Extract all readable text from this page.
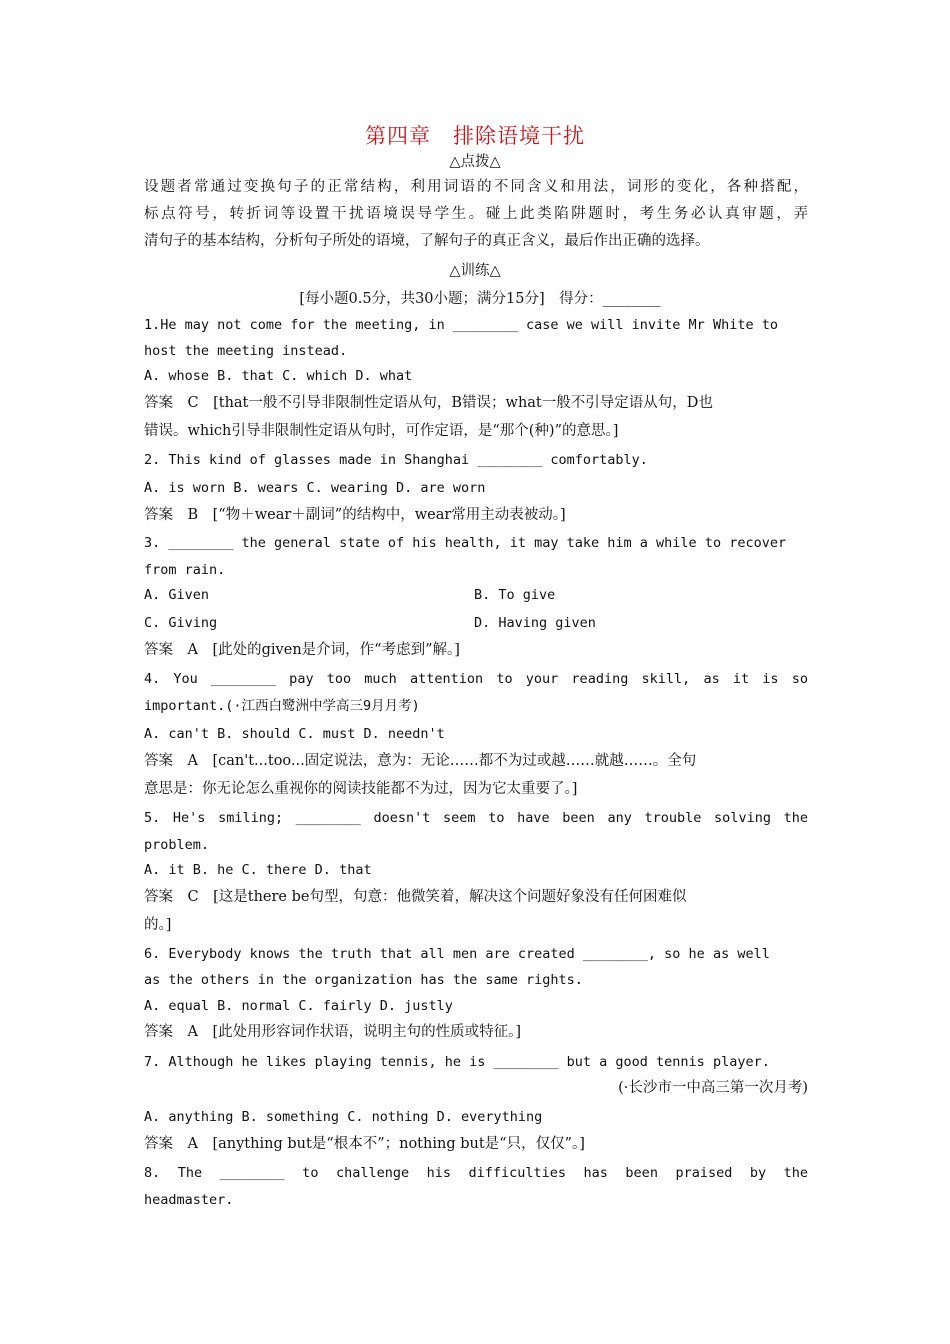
第四章　排除语境干扰
△点拨△
设题者常通过变换句子的正常结构，利用词语的不同含义和用法，词形的变化，各种搭配，
标点符号，转折词等设置干扰语境误导学生。碰上此类陷阱题时，考生务必认真审题，弄
清句子的基本结构，分析句子所处的语境，了解句子的真正含义，最后作出正确的选择。
△训练△
[每小题0.5分，共30小题；满分15分]　得分：________
1.He may not come for the meeting, in ________ case we will invite Mr White to
host the meeting instead.
A. whose B. that C. which D. what
答案　C　[that一般不引导非限制性定语从句，B错误；what一般不引导定语从句，D也
错误。which引导非限制性定语从句时，可作定语，是“那个(种)”的意思。]
2. This kind of glasses made in Shanghai ________ comfortably.
A. is worn B. wears C. wearing D. are worn
答案　B　[“物＋wear＋副词”的结构中，wear常用主动表被动。]
3. ________ the general state of his health, it may take him a while to recover
from rain.
A. Given	B. To give
C. Giving	D. Having given
答案　A　[此处的given是介词，作“考虑到”解。]
4. You ________ pay too much attention to your reading skill, as it is so
important.(·江西白鹭洲中学高三9月月考)
A. can't B. should C. must D. needn't
答案　A　[can't...too...固定说法，意为：无论……都不为过或越……就越……。全句
意思是：你无论怎么重视你的阅读技能都不为过，因为它太重要了。]
5. He's smiling; ________ doesn't seem to have been any trouble solving the
problem.
A. it B. he C. there D. that
答案　C　[这是there be句型，句意：他微笑着，解决这个问题好象没有任何困难似
的。]
6. Everybody knows the truth that all men are created ________, so he as well
as the others in the organization has the same rights.
A. equal B. normal C. fairly D. justly
答案　A　[此处用形容词作状语，说明主句的性质或特征。]
7. Although he likes playing tennis, he is ________ but a good tennis player.
(·长沙市一中高三第一次月考)
A. anything B. something C. nothing D. everything
答案　A　[anything but是“根本不”；nothing but是“只，仅仅”。]
8. The ________ to challenge his difficulties has been praised by the
headmaster.
